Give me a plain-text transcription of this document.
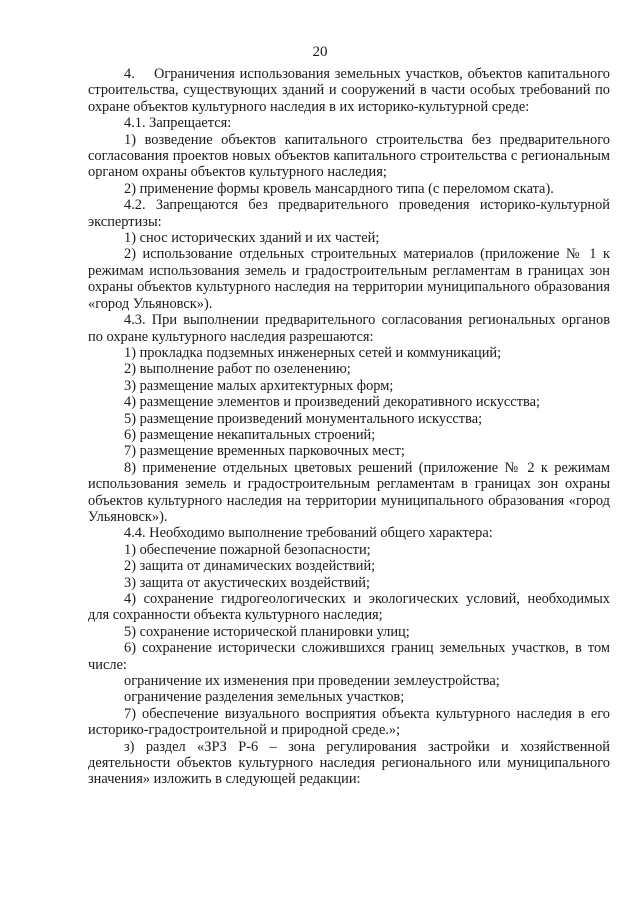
20

4.    Ограничения использования земельных участков, объектов капитального строительства, существующих зданий и сооружений в части особых требований по охране объектов культурного наследия в их историко-культурной среде:

4.1. Запрещается:

1) возведение объектов капитального строительства без предварительного согласования проектов новых объектов капитального строительства с региональным органом охраны объектов культурного наследия;

2) применение формы кровель мансардного типа (с переломом ската).

4.2. Запрещаются без предварительного проведения историко-культурной экспертизы:

1) снос исторических зданий и их частей;

2) использование отдельных строительных материалов (приложение № 1 к режимам использования земель и градостроительным регламентам в границах зон охраны объектов культурного наследия на территории муниципального образования «город Ульяновск»).

4.3. При выполнении предварительного согласования региональных органов по охране культурного наследия разрешаются:

1) прокладка подземных инженерных сетей и коммуникаций;

2) выполнение работ по озеленению;

3) размещение малых архитектурных форм;

4) размещение элементов и произведений декоративного искусства;

5) размещение произведений монументального искусства;

6) размещение некапитальных строений;

7) размещение временных парковочных мест;

8) применение отдельных цветовых решений (приложение № 2 к режимам использования земель и градостроительным регламентам в границах зон охраны объектов культурного наследия на территории муниципального образования «город Ульяновск»).

4.4. Необходимо выполнение требований общего характера:

1) обеспечение пожарной безопасности;

2) защита от динамических воздействий;

3) защита от акустических воздействий;

4) сохранение гидрогеологических и экологических условий, необходимых для сохранности объекта культурного наследия;

5) сохранение исторической планировки улиц;

6) сохранение исторически сложившихся границ земельных участков, в том числе:

ограничение их изменения при проведении землеустройства;

ограничение разделения земельных участков;

7) обеспечение визуального восприятия объекта культурного наследия в его историко-градостроительной и природной среде.»;

з) раздел «ЗРЗ Р-6 – зона регулирования застройки и хозяйственной деятельности объектов культурного наследия регионального или муниципального значения» изложить в следующей редакции:
